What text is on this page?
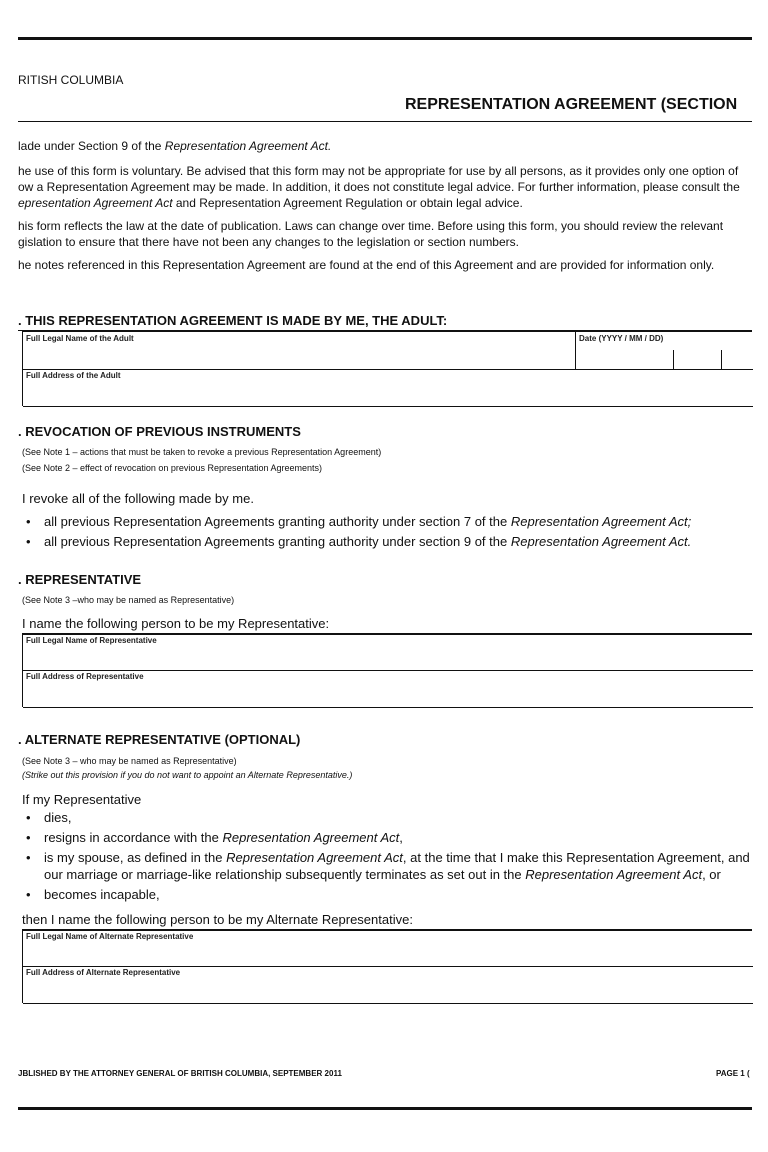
RITISH COLUMBIA
REPRESENTATION AGREEMENT (SECTION
lade under Section 9 of the Representation Agreement Act.
he use of this form is voluntary. Be advised that this form may not be appropriate for use by all persons, as it provides only one option of
ow a Representation Agreement may be made. In addition, it does not constitute legal advice. For further information, please consult the
epresentation Agreement Act and Representation Agreement Regulation or obtain legal advice.
his form reflects the law at the date of publication. Laws can change over time. Before using this form, you should review the relevant
gislation to ensure that there have not been any changes to the legislation or section numbers.
he notes referenced in this Representation Agreement are found at the end of this Agreement and are provided for information only.
. THIS REPRESENTATION AGREEMENT IS MADE BY ME, THE ADULT:
Full Legal Name of the Adult	Date (YYYY / MM / DD)
Full Address of the Adult
. REVOCATION OF PREVIOUS INSTRUMENTS
(See Note 1 – actions that must be taken to revoke a previous Representation Agreement)
(See Note 2 – effect of revocation on previous Representation Agreements)
I revoke all of the following made by me.
• all previous Representation Agreements granting authority under section 7 of the Representation Agreement Act;
• all previous Representation Agreements granting authority under section 9 of the Representation Agreement Act.
. REPRESENTATIVE
(See Note 3 –who may be named as Representative)
I name the following person to be my Representative:
Full Legal Name of Representative
Full Address of Representative
. ALTERNATE REPRESENTATIVE (OPTIONAL)
(See Note 3 – who may be named as Representative)
(Strike out this provision if you do not want to appoint an Alternate Representative.)
If my Representative
• dies,
• resigns in accordance with the Representation Agreement Act,
• is my spouse, as defined in the Representation Agreement Act, at the time that I make this Representation Agreement, and
our marriage or marriage-like relationship subsequently terminates as set out in the Representation Agreement Act, or
• becomes incapable,
then I name the following person to be my Alternate Representative:
Full Legal Name of Alternate Representative
Full Address of Alternate Representative
JBLISHED BY THE ATTORNEY GENERAL OF BRITISH COLUMBIA, SEPTEMBER 2011	PAGE 1 (
